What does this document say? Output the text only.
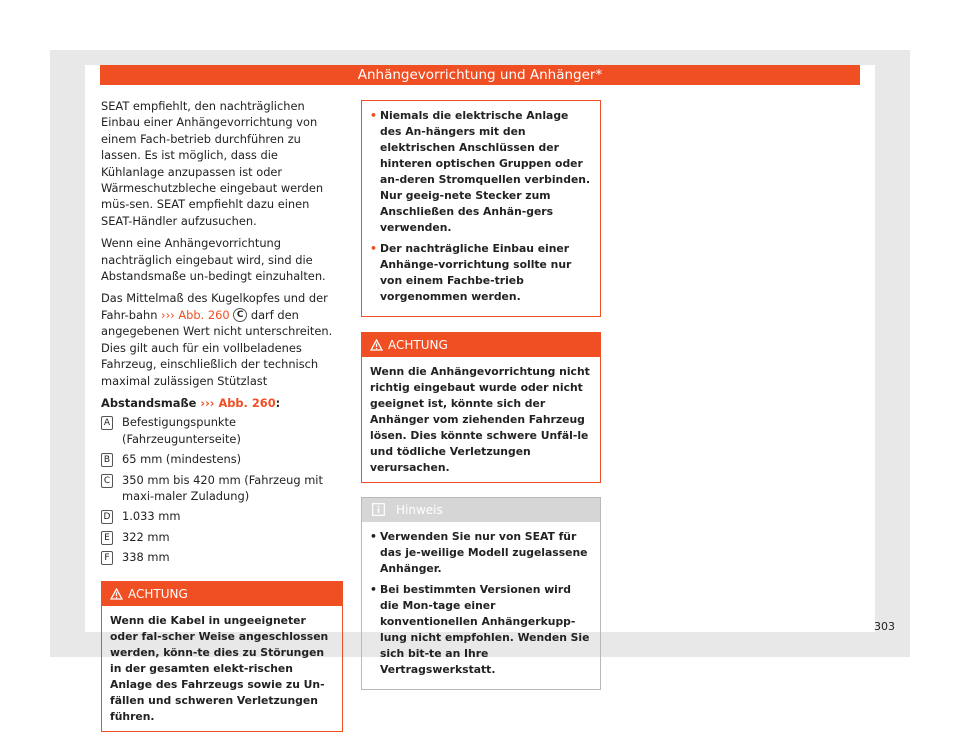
Anhängevorrichtung und Anhänger*

SEAT empfiehlt, den nachträglichen Einbau einer Anhängevorrichtung von einem Fach-betrieb durchführen zu lassen. Es ist möglich, dass die Kühlanlage anzupassen ist oder Wärmeschutzbleche eingebaut werden müs-sen. SEAT empfiehlt dazu einen SEAT-Händler aufzusuchen.

Wenn eine Anhängevorrichtung nachträglich eingebaut wird, sind die Abstandsmaße un-bedingt einzuhalten.

Das Mittelmaß des Kugelkopfes und der Fahr-bahn ››› Abb. 260 C darf den angegebenen Wert nicht unterschreiten. Dies gilt auch für ein vollbeladenes Fahrzeug, einschließlich der technisch maximal zulässigen Stützlast

Abstandsmaße ››› Abb. 260:

A Befestigungspunkte (Fahrzeugunterseite)
B 65 mm (mindestens)
C 350 mm bis 420 mm (Fahrzeug mit maxi-maler Zuladung)
D 1.033 mm
E 322 mm
F 338 mm
ACHTUNG
Wenn die Kabel in ungeeigneter oder fal-scher Weise angeschlossen werden, könn-te dies zu Störungen in der gesamten elekt-rischen Anlage des Fahrzeugs sowie zu Un-fällen und schweren Verletzungen führen.
• Niemals die elektrische Anlage des An-hängers mit den elektrischen Anschlüssen der hinteren optischen Gruppen oder an-deren Stromquellen verbinden. Nur geeig-nete Stecker zum Anschließen des Anhän-gers verwenden.
• Der nachträgliche Einbau einer Anhänge-vorrichtung sollte nur von einem Fachbe-trieb vorgenommen werden.
ACHTUNG
Wenn die Anhängevorrichtung nicht richtig eingebaut wurde oder nicht geeignet ist, könnte sich der Anhänger vom ziehenden Fahrzeug lösen. Dies könnte schwere Unfäl-le und tödliche Verletzungen verursachen.
Hinweis
• Verwenden Sie nur von SEAT für das je-weilige Modell zugelassene Anhänger.
• Bei bestimmten Versionen wird die Mon-tage einer konventionellen Anhängerkupp-lung nicht empfohlen. Wenden Sie sich bit-te an Ihre Vertragswerkstatt.
303
